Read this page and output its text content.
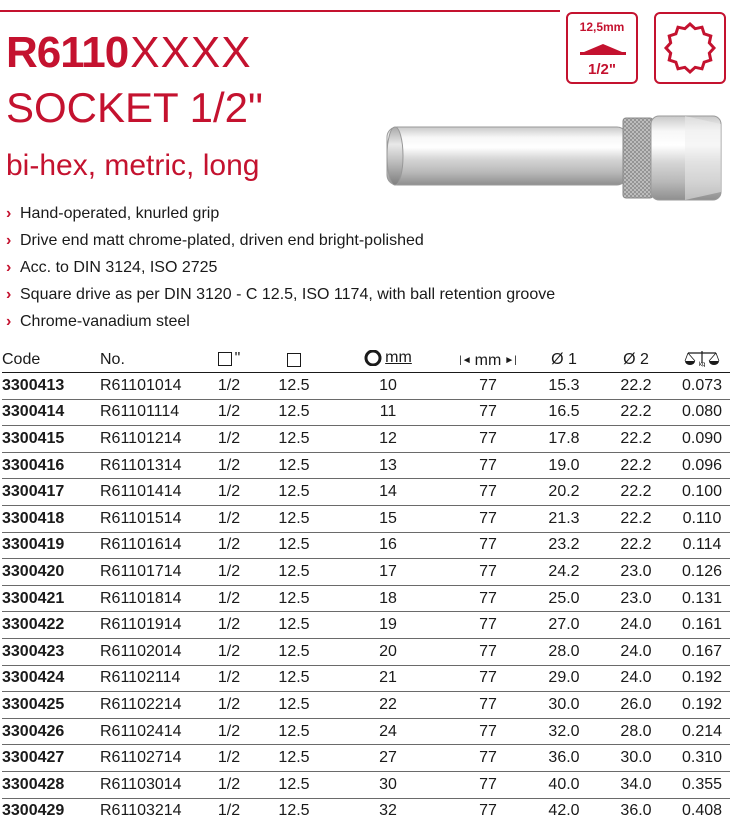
R6110XXXX
SOCKET 1/2"
bi-hex, metric, long
12,5mm
1/2"
› Hand-operated, knurled grip
› Drive end matt chrome-plated, driven end bright-polished
› Acc. to DIN 3124, ISO 2725
› Square drive as per DIN 3120 - C 12.5, ISO 1174, with ball retention groove
› Chrome-vanadium steel
Code	No.	"		mm	|◄ mm ►|	Ø 1	Ø 2	kg

3300413	R61101014	1/2	12.5	10	77	15.3	22.2	0.073
3300414	R61101114	1/2	12.5	11	77	16.5	22.2	0.080
3300415	R61101214	1/2	12.5	12	77	17.8	22.2	0.090
3300416	R61101314	1/2	12.5	13	77	19.0	22.2	0.096
3300417	R61101414	1/2	12.5	14	77	20.2	22.2	0.100
3300418	R61101514	1/2	12.5	15	77	21.3	22.2	0.110
3300419	R61101614	1/2	12.5	16	77	23.2	22.2	0.114
3300420	R61101714	1/2	12.5	17	77	24.2	23.0	0.126
3300421	R61101814	1/2	12.5	18	77	25.0	23.0	0.131
3300422	R61101914	1/2	12.5	19	77	27.0	24.0	0.161
3300423	R61102014	1/2	12.5	20	77	28.0	24.0	0.167
3300424	R61102114	1/2	12.5	21	77	29.0	24.0	0.192
3300425	R61102214	1/2	12.5	22	77	30.0	26.0	0.192
3300426	R61102414	1/2	12.5	24	77	32.0	28.0	0.214
3300427	R61102714	1/2	12.5	27	77	36.0	30.0	0.310
3300428	R61103014	1/2	12.5	30	77	40.0	34.0	0.355
3300429	R61103214	1/2	12.5	32	77	42.0	36.0	0.408
